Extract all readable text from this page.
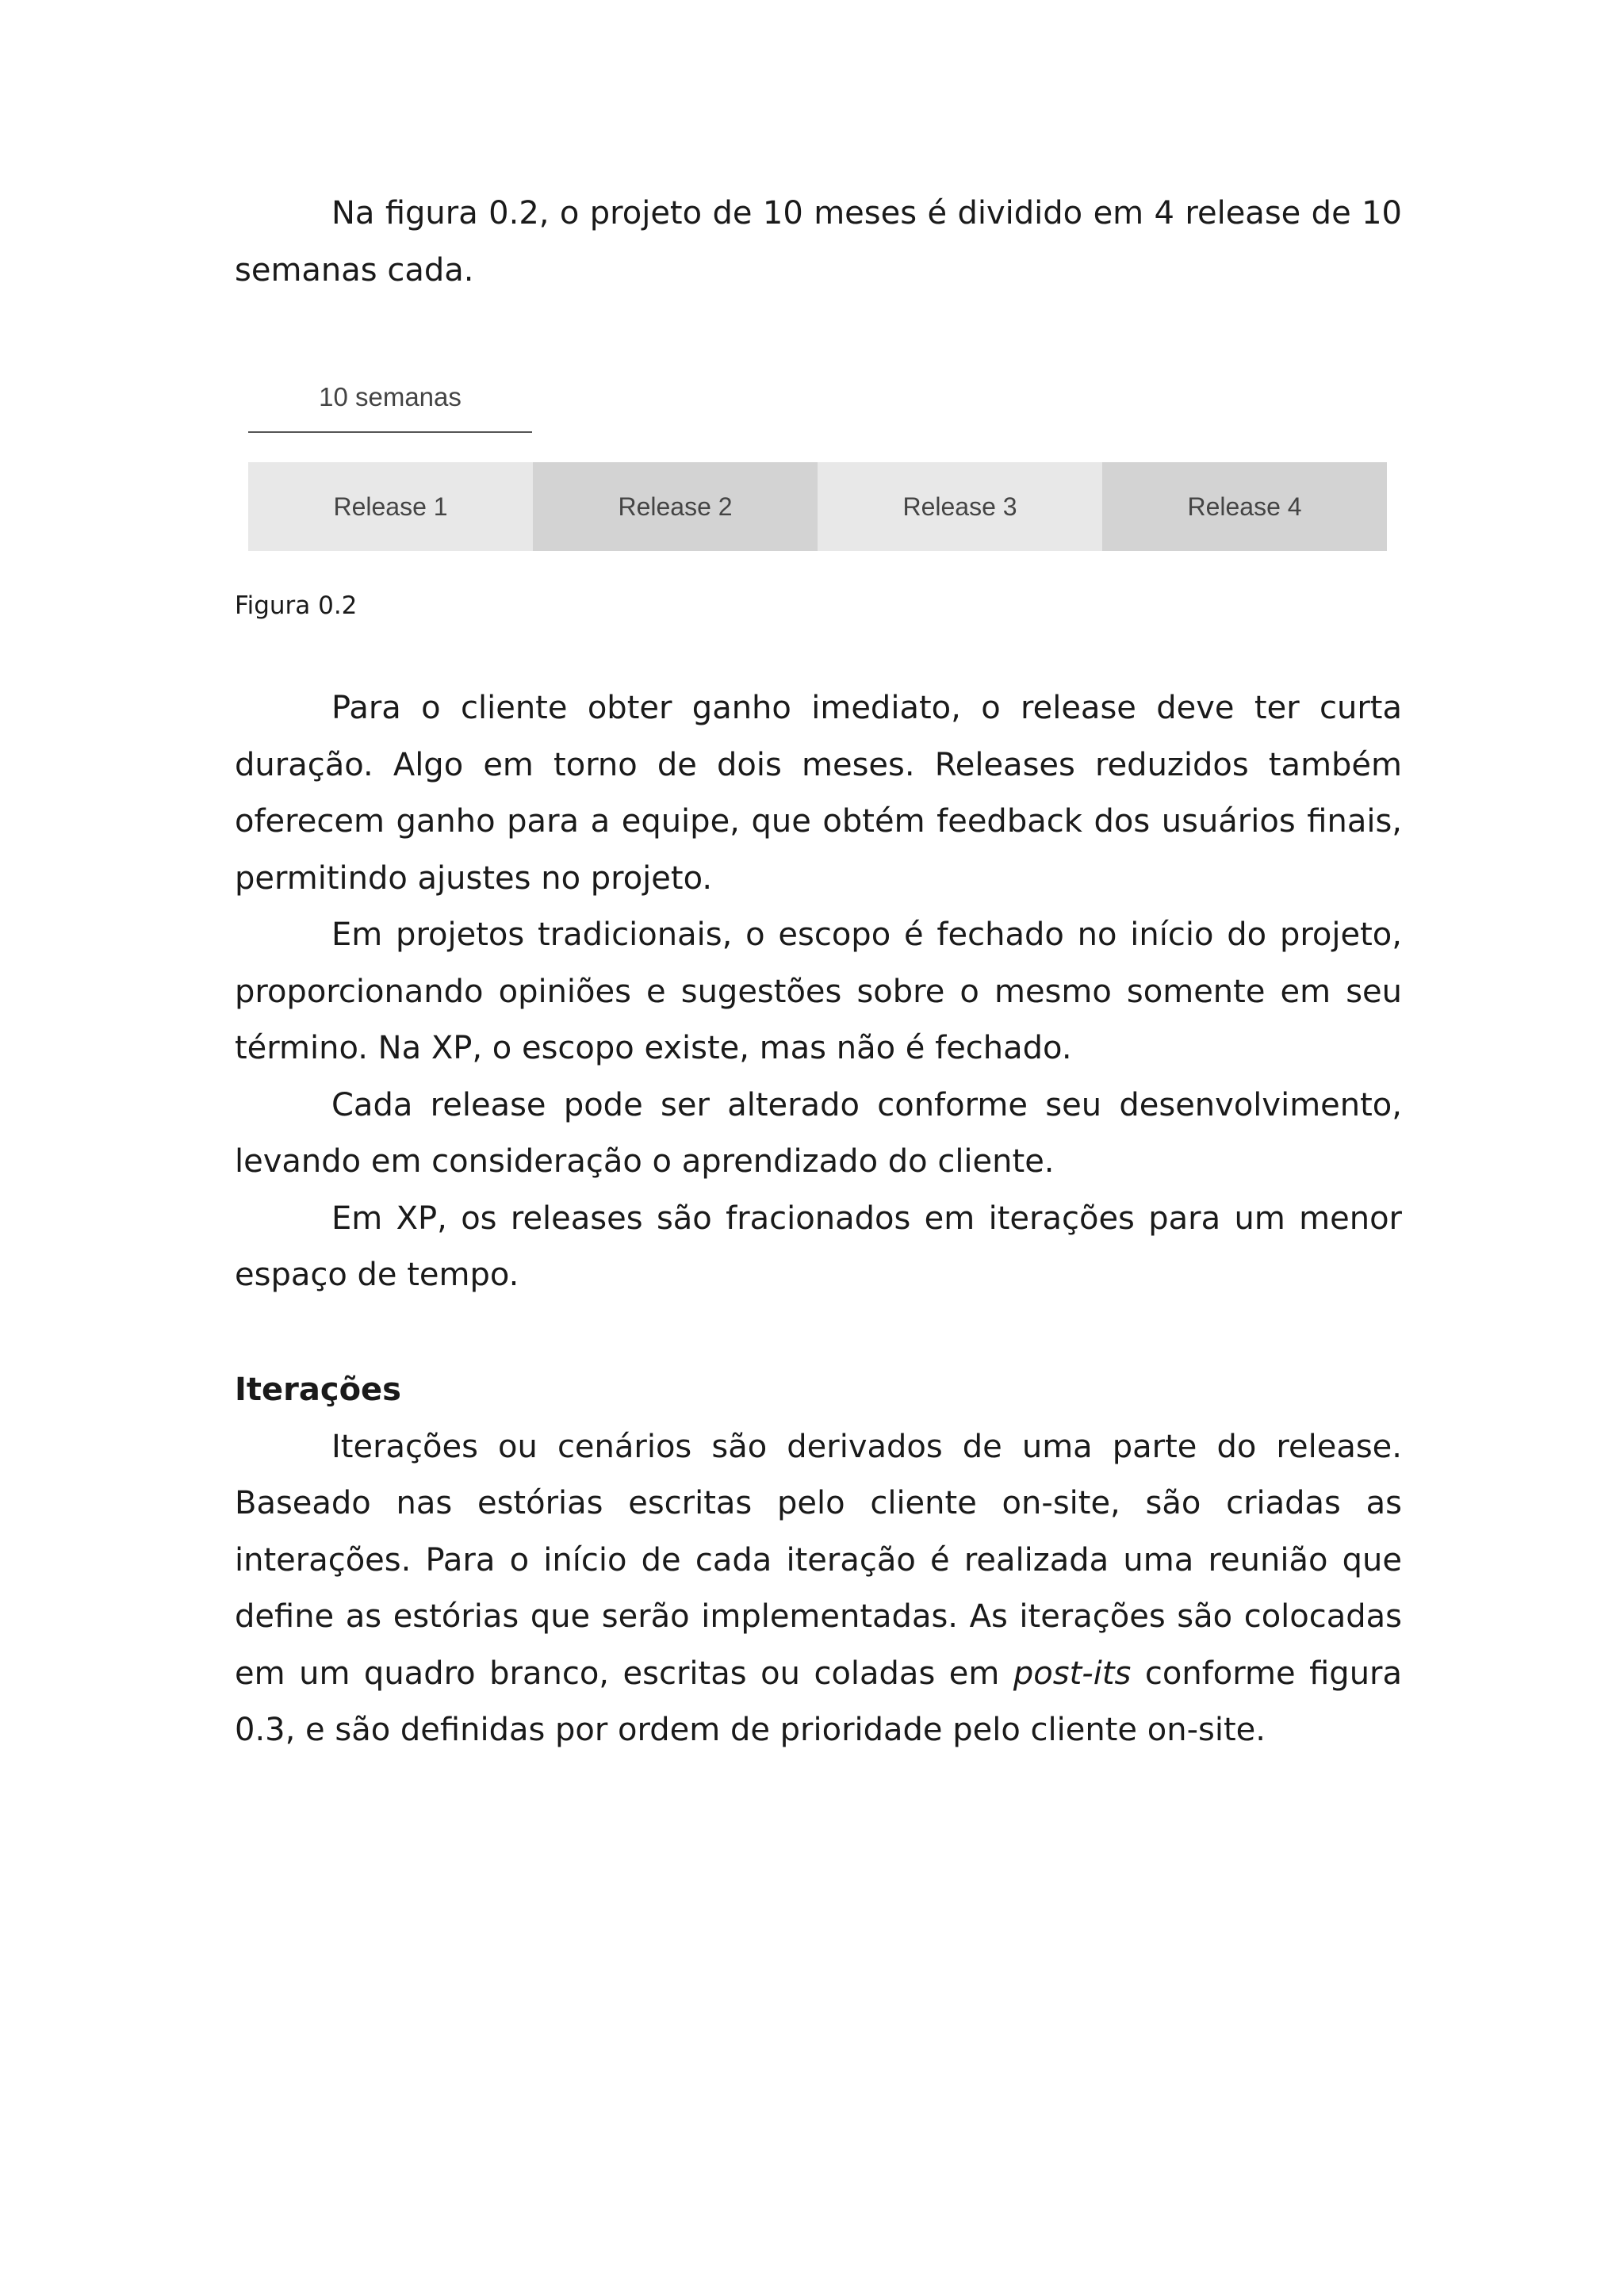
Na figura 0.2, o projeto de 10 meses é dividido em 4 release de 10 semanas cada.

10 semanas
Release 1	Release 2	Release 3	Release 4
Figura 0.2

Para o cliente obter ganho imediato, o release deve ter curta duração. Algo em torno de dois meses. Releases reduzidos também oferecem ganho para a equipe, que obtém feedback dos usuários finais, permitindo ajustes no projeto.

Em projetos tradicionais, o escopo é fechado no início do projeto, proporcionando opiniões e sugestões sobre o mesmo somente em seu término. Na XP, o escopo existe, mas não é fechado.

Cada release pode ser alterado conforme seu desenvolvimento, levando em consideração o aprendizado do cliente.

Em XP, os releases são fracionados em iterações para um menor espaço de tempo.

Iterações

Iterações ou cenários são derivados de uma parte do release. Baseado nas estórias escritas pelo cliente on-site, são criadas as interações. Para o início de cada iteração é realizada uma reunião que define as estórias que serão implementadas. As iterações são colocadas em um quadro branco, escritas ou coladas em post-its conforme figura 0.3, e são definidas por ordem de prioridade pelo cliente on-site.
